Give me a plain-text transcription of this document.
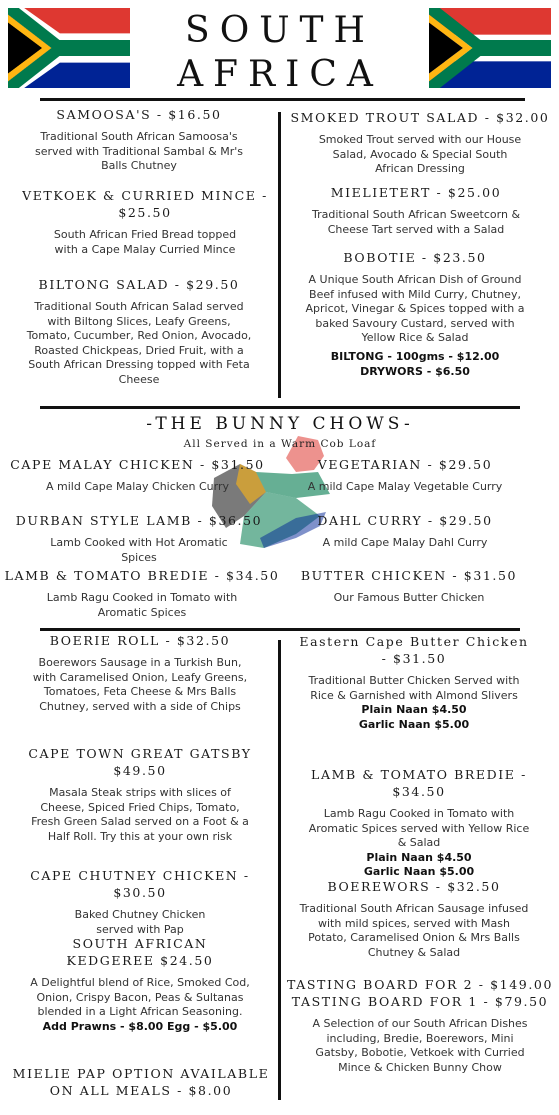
SOUTH
AFRICA
SAMOOSA'S - $16.50
Traditional South African Samoosa's served with Traditional Sambal & Mr's Balls Chutney
VETKOEK & CURRIED MINCE - $25.50
South African Fried Bread topped with a Cape Malay Curried Mince
BILTONG SALAD - $29.50
Traditional South African Salad served with Biltong Slices, Leafy Greens, Tomato, Cucumber, Red Onion, Avocado, Roasted Chickpeas, Dried Fruit, with a South African Dressing topped with Feta Cheese
SMOKED TROUT SALAD - $32.00
Smoked Trout served with our House Salad, Avocado & Special South African Dressing
MIELIETERT - $25.00
Traditional South African Sweetcorn & Cheese Tart served with a Salad
BOBOTIE - $23.50
A Unique South African Dish of Ground Beef infused with Mild Curry, Chutney, Apricot, Vinegar & Spices topped with a baked Savoury Custard, served with Yellow Rice & Salad
BILTONG - 100gms - $12.00
DRYWORS - $6.50
-THE BUNNY CHOWS-
All Served in a Warm Cob Loaf
CAPE MALAY CHICKEN - $31.50
A mild Cape Malay Chicken Curry
VEGETARIAN - $29.50
A mild Cape Malay Vegetable Curry
DURBAN STYLE LAMB - $36.50
Lamb Cooked with Hot Aromatic Spices
DAHL CURRY - $29.50
A mild Cape Malay Dahl Curry
LAMB & TOMATO BREDIE - $34.50
Lamb Ragu Cooked in Tomato with Aromatic Spices
BUTTER CHICKEN - $31.50
Our Famous Butter Chicken
BOERIE ROLL - $32.50
Boerewors Sausage in a Turkish Bun, with Caramelised Onion, Leafy Greens, Tomatoes, Feta Cheese & Mrs Balls Chutney, served with a side of Chips
CAPE TOWN GREAT GATSBY $49.50
Masala Steak strips with slices of Cheese, Spiced Fried Chips, Tomato, Fresh Green Salad served on a Foot & a Half Roll. Try this at your own risk
CAPE CHUTNEY CHICKEN - $30.50
Baked Chutney Chicken served with Pap
SOUTH AFRICAN KEDGEREE $24.50
A Delightful blend of Rice, Smoked Cod, Onion, Crispy Bacon, Peas & Sultanas blended in a Light African Seasoning.
Add Prawns - $8.00 Egg - $5.00
MIELIE PAP OPTION AVAILABLE ON ALL MEALS - $8.00
Eastern Cape Butter Chicken - $31.50
Traditional Butter Chicken Served with Rice & Garnished with Almond Slivers
Plain Naan $4.50
Garlic Naan $5.00
LAMB & TOMATO BREDIE - $34.50
Lamb Ragu Cooked in Tomato with Aromatic Spices served with Yellow Rice & Salad
Plain Naan $4.50
Garlic Naan $5.00
BOEREWORS - $32.50
Traditional South African Sausage infused with mild spices, served with Mash Potato, Caramelised Onion & Mrs Balls Chutney & Salad
TASTING BOARD FOR 2 - $149.00
TASTING BOARD FOR 1 - $79.50
A Selection of our South African Dishes including, Bredie, Boerewors, Mini Gatsby, Bobotie, Vetkoek with Curried Mince & Chicken Bunny Chow
